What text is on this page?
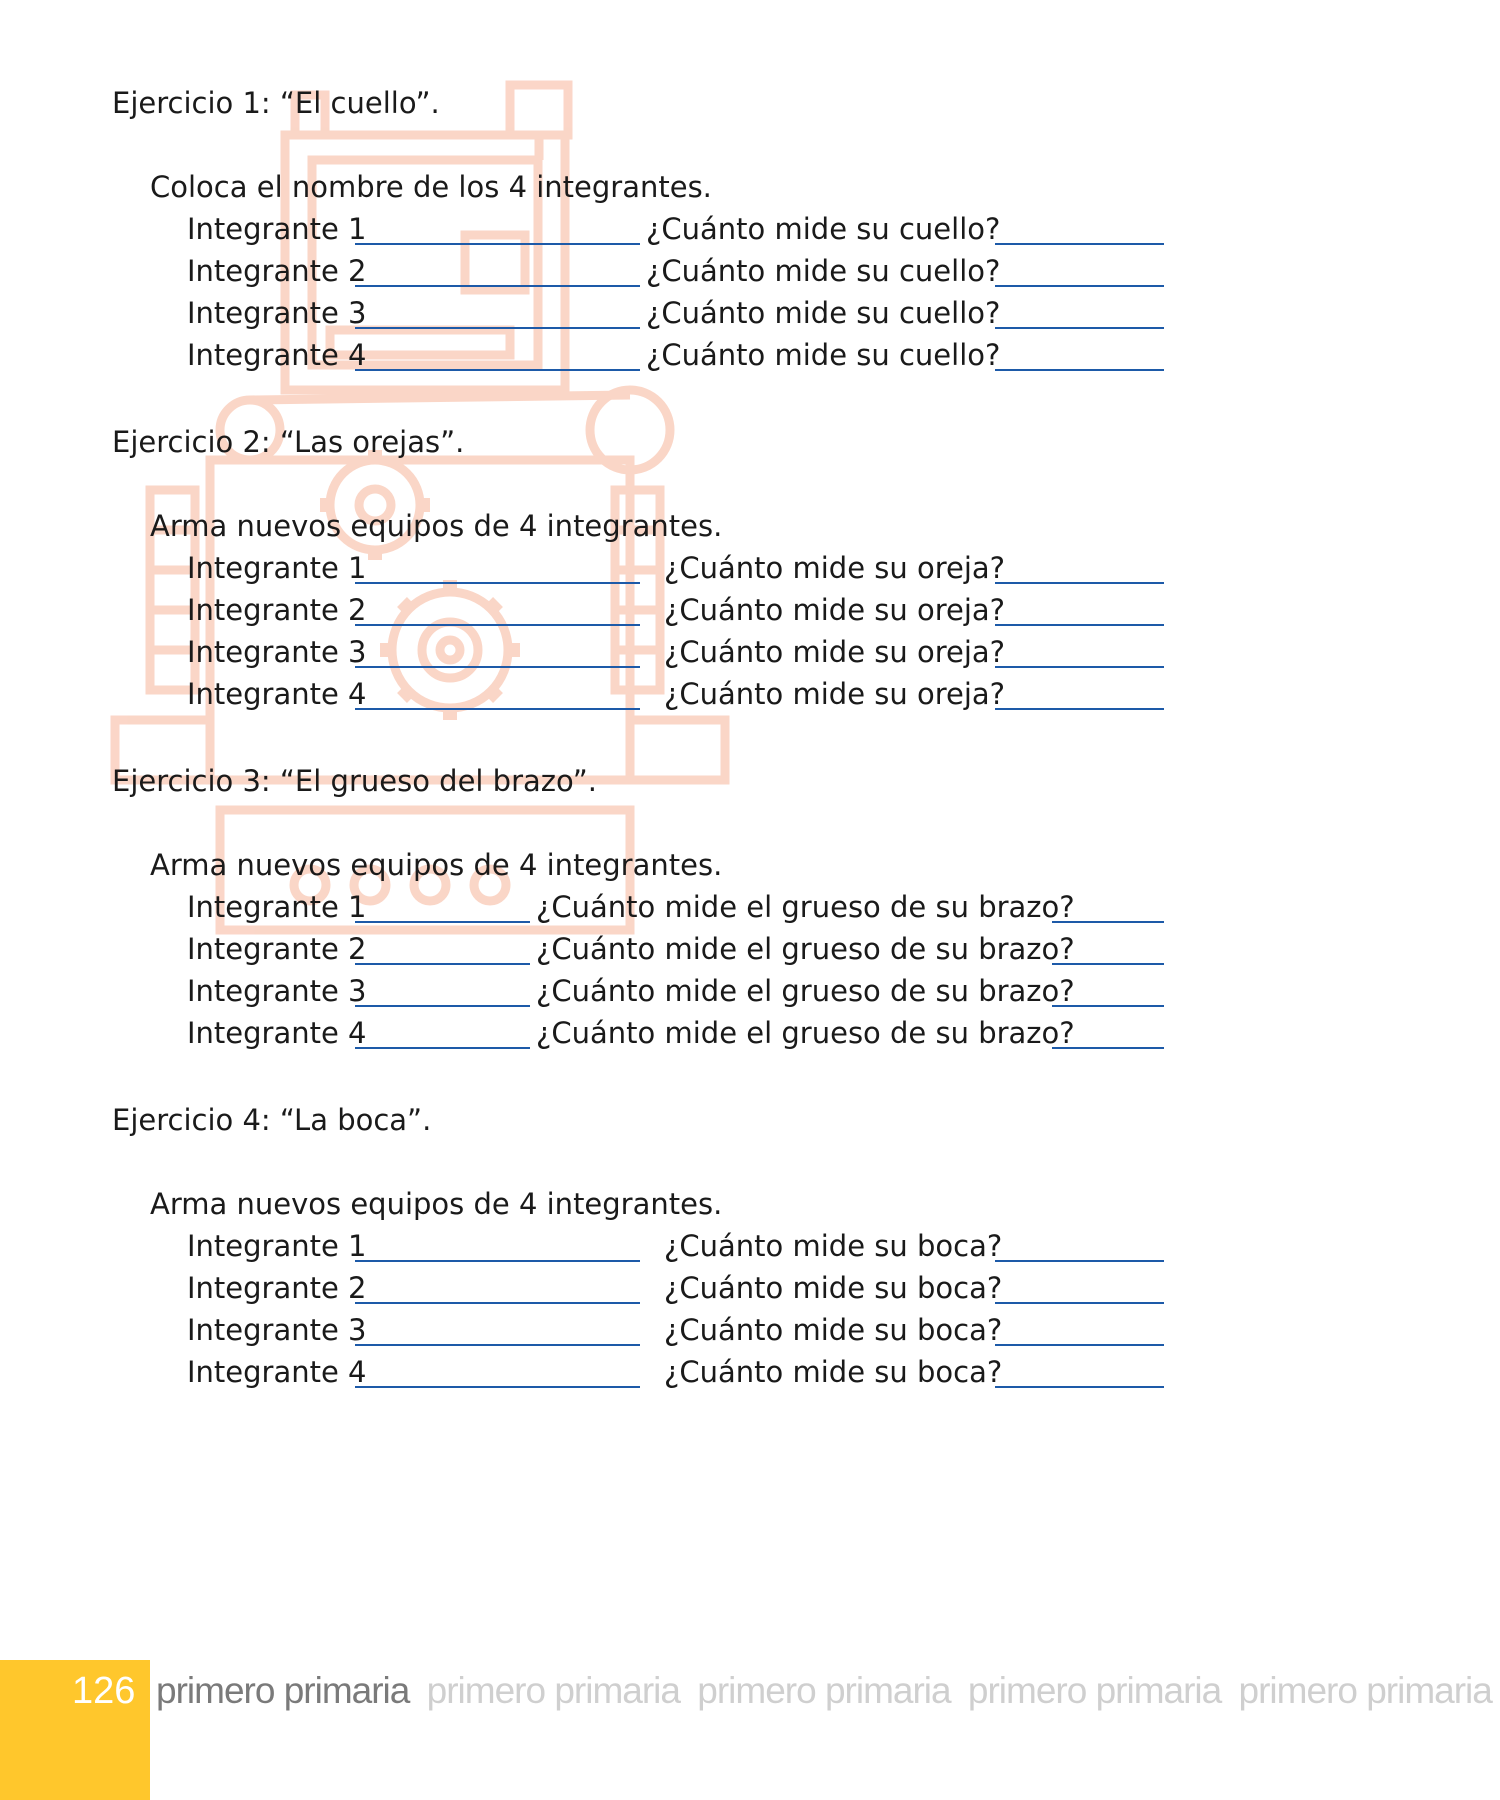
Ejercicio 1: “El cuello”.

Coloca el nombre de los 4 integrantes.

Integrante 1	¿Cuánto mide su cuello?
Integrante 2	¿Cuánto mide su cuello?
Integrante 3	¿Cuánto mide su cuello?
Integrante 4	¿Cuánto mide su cuello?
Ejercicio 2: “Las orejas”.

Arma nuevos equipos de 4 integrantes.

Integrante 1	¿Cuánto mide su oreja?
Integrante 2	¿Cuánto mide su oreja?
Integrante 3	¿Cuánto mide su oreja?
Integrante 4	¿Cuánto mide su oreja?
Ejercicio 3: “El grueso del brazo”.

Arma nuevos equipos de 4 integrantes.

Integrante 1	¿Cuánto mide el grueso de su brazo?
Integrante 2	¿Cuánto mide el grueso de su brazo?
Integrante 3	¿Cuánto mide el grueso de su brazo?
Integrante 4	¿Cuánto mide el grueso de su brazo?
Ejercicio 4: “La boca”.

Arma nuevos equipos de 4 integrantes.

Integrante 1	¿Cuánto mide su boca?
Integrante 2	¿Cuánto mide su boca?
Integrante 3	¿Cuánto mide su boca?
Integrante 4	¿Cuánto mide su boca?

126 primero primaria primero primaria primero primaria primero primaria primero primaria
